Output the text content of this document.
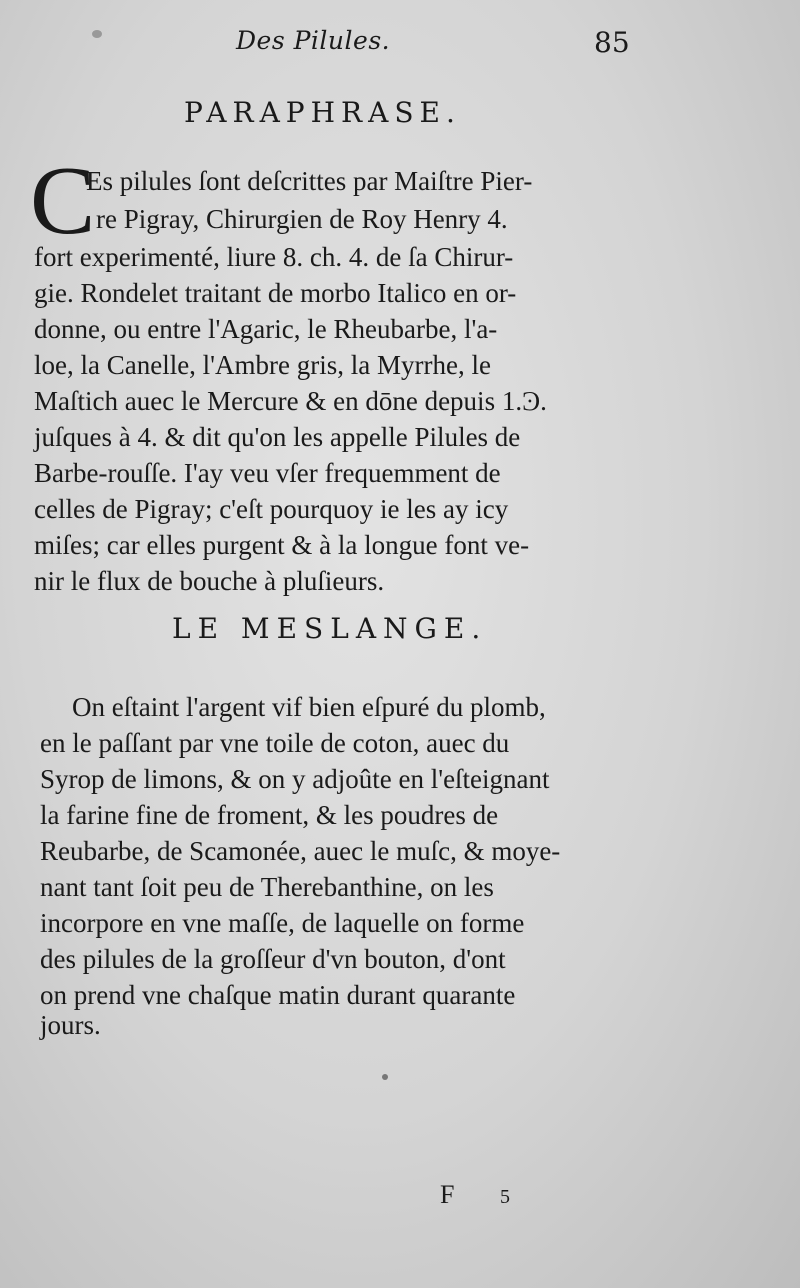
Des Pilules.	85
PARAPHRASE.
C
Es pilules ſont deſcrittes par Maiſtre Pier-
re Pigray, Chirurgien de Roy Henry 4.
fort experimenté, liure 8. ch. 4. de ſa Chirur-
gie. Rondelet traitant de morbo Italico en or-
donne, ou entre l'Agaric, le Rheubarbe, l'a-
loe, la Canelle, l'Ambre gris, la Myrrhe, le
Maſtich auec le Mercure & en dōne depuis 1.Ͽ.
juſques à 4. & dit qu'on les appelle Pilules de
Barbe-rouſſe. I'ay veu vſer frequemment de
celles de Pigray; c'eſt pourquoy ie les ay icy
miſes; car elles purgent & à la longue font ve-
nir le flux de bouche à pluſieurs.
LE MESLANGE.
On eſtaint l'argent vif bien eſpuré du plomb,
en le paſſant par vne toile de coton, auec du
Syrop de limons, & on y adjoûte en l'eſteignant
la farine fine de froment, & les poudres de
Reubarbe, de Scamonée, auec le muſc, & moye-
nant tant ſoit peu de Therebanthine, on les
incorpore en vne maſſe, de laquelle on forme
des pilules de la groſſeur d'vn bouton, d'ont
on prend vne chaſque matin durant quarante
jours.
F 5
